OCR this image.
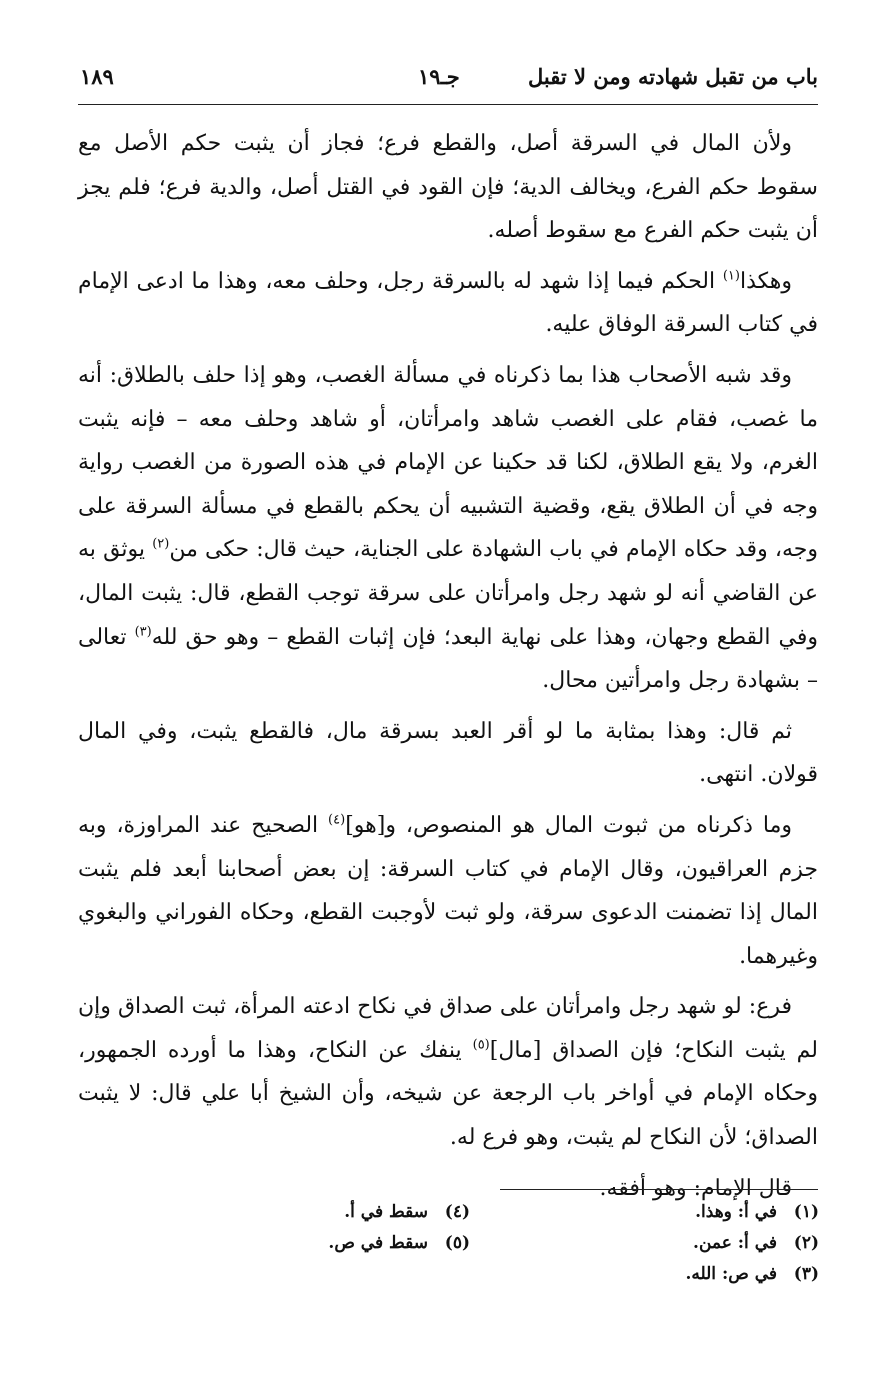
باب من تقبل شهادته ومن لا تقبل
جـ١٩
١٨٩

ولأن المال في السرقة أصل، والقطع فرع؛ فجاز أن يثبت حكم الأصل مع سقوط حكم الفرع، ويخالف الدية؛ فإن القود في القتل أصل، والدية فرع؛ فلم يجز أن يثبت حكم الفرع مع سقوط أصله.

وهكذا$^{(١)}$ الحكم فيما إذا شهد له بالسرقة رجل، وحلف معه، وهذا ما ادعى الإمام في كتاب السرقة الوفاق عليه.

وقد شبه الأصحاب هذا بما ذكرناه في مسألة الغصب، وهو إذا حلف بالطلاق: أنه ما غصب، فقام على الغصب شاهد وامرأتان، أو شاهد وحلف معه – فإنه يثبت الغرم، ولا يقع الطلاق، لكنا قد حكينا عن الإمام في هذه الصورة من الغصب رواية وجه في أن الطلاق يقع، وقضية التشبيه أن يحكم بالقطع في مسألة السرقة على وجه، وقد حكاه الإمام في باب الشهادة على الجناية، حيث قال: حكى من$^{(٢)}$ يوثق به عن القاضي أنه لو شهد رجل وامرأتان على سرقة توجب القطع، قال: يثبت المال، وفي القطع وجهان، وهذا على نهاية البعد؛ فإن إثبات القطع – وهو حق لله$^{(٣)}$ تعالى – بشهادة رجل وامرأتين محال.

ثم قال: وهذا بمثابة ما لو أقر العبد بسرقة مال، فالقطع يثبت، وفي المال قولان. انتهى.

وما ذكرناه من ثبوت المال هو المنصوص، و[هو]$^{(٤)}$ الصحيح عند المراوزة، وبه جزم العراقيون، وقال الإمام في كتاب السرقة: إن بعض أصحابنا أبعد فلم يثبت المال إذا تضمنت الدعوى سرقة، ولو ثبت لأوجبت القطع، وحكاه الفوراني والبغوي وغيرهما.

فرع: لو شهد رجل وامرأتان على صداق في نكاح ادعته المرأة، ثبت الصداق وإن لم يثبت النكاح؛ فإن الصداق [مال]$^{(٥)}$ ينفك عن النكاح، وهذا ما أورده الجمهور، وحكاه الإمام في أواخر باب الرجعة عن شيخه، وأن الشيخ أبا علي قال: لا يثبت الصداق؛ لأن النكاح لم يثبت، وهو فرع له.

قال الإمام: وهو أفقه.

(١)في أ: وهذا.
(٢)في أ: عمن.
(٣)في ص: الله.
(٤)سقط في أ.
(٥)سقط في ص.
